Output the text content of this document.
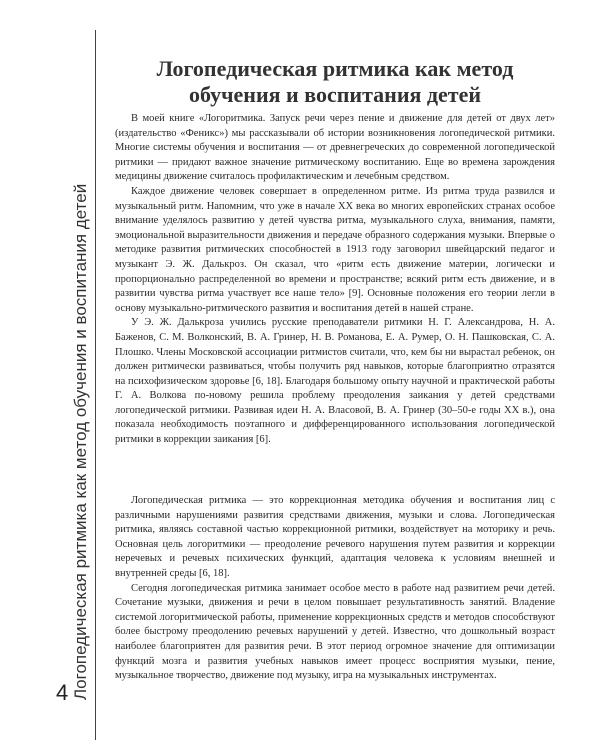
Логопедическая ритмика как метод обучения и воспитания детей
4
Логопедическая ритмика как метод
обучения и воспитания детей

В моей книге «Логоритмика. Запуск речи через пение и движение для детей от двух лет» (издательство «Феникс») мы рассказывали об истории возникновения логопедической ритмики. Многие системы обучения и воспитания — от древнегреческих до современной логопедической ритмики — придают важное значение ритмическому воспитанию. Еще во времена зарождения медицины движение считалось профилактическим и лечебным средством.

Каждое движение человек совершает в определенном ритме. Из ритма труда развился и музыкальный ритм. Напомним, что уже в начале XX века во многих европейских странах особое внимание уделялось развитию у детей чувства ритма, музыкального слуха, внимания, памяти, эмоциональной выразительности движения и передаче образного содержания музыки. Впервые о методике развития ритмических способностей в 1913 году заговорил швейцарский педагог и музыкант Э. Ж. Далькроз. Он сказал, что «ритм есть движение материи, логически и пропорционально распределенной во времени и пространстве; всякий ритм есть движение, и в развитии чувства ритма участвует все наше тело» [9]. Основные положения его теории легли в основу музыкально-ритмического развития и воспитания детей в нашей стране.

У Э. Ж. Далькроза учились русские преподаватели ритмики Н. Г. Александрова, Н. А. Баженов, С. М. Волконский, В. А. Гринер, Н. В. Романова, Е. А. Румер, О. Н. Пашковская, С. А. Плошко. Члены Московской ассоциации ритмистов считали, что, кем бы ни вырастал ребенок, он должен ритмически развиваться, чтобы получить ряд навыков, которые благоприятно отразятся на психофизическом здоровье [6, 18]. Благодаря большому опыту научной и практической работы Г. А. Волкова по-новому решила проблему преодоления заикания у детей средствами логопедической ритмики. Развивая идеи Н. А. Власовой, В. А. Гринер (30–50-е годы XX в.), она показала необходимость поэтапного и дифференцированного использования логопедической ритмики в коррекции заикания [6].

Логопедическая ритмика — это коррекционная методика обучения и воспитания лиц с различными нарушениями развития средствами движения, музыки и слова. Логопедическая ритмика, являясь составной частью коррекционной ритмики, воздействует на моторику и речь. Основная цель логоритмики — преодоление речевого нарушения путем развития и коррекции неречевых и речевых психических функций, адаптация человека к условиям внешней и внутренней среды [6, 18].

Сегодня логопедическая ритмика занимает особое место в работе над развитием речи детей. Сочетание музыки, движения и речи в целом повышает результативность занятий. Владение системой логоритмической работы, применение коррекционных средств и методов способствуют более быстрому преодолению речевых нарушений у детей. Известно, что дошкольный возраст наиболее благоприятен для развития речи. В этот период огромное значение для оптимизации функций мозга и развития учебных навыков имеет процесс восприятия музыки, пение, музыкальное творчество, движение под музыку, игра на музыкальных инструментах.
